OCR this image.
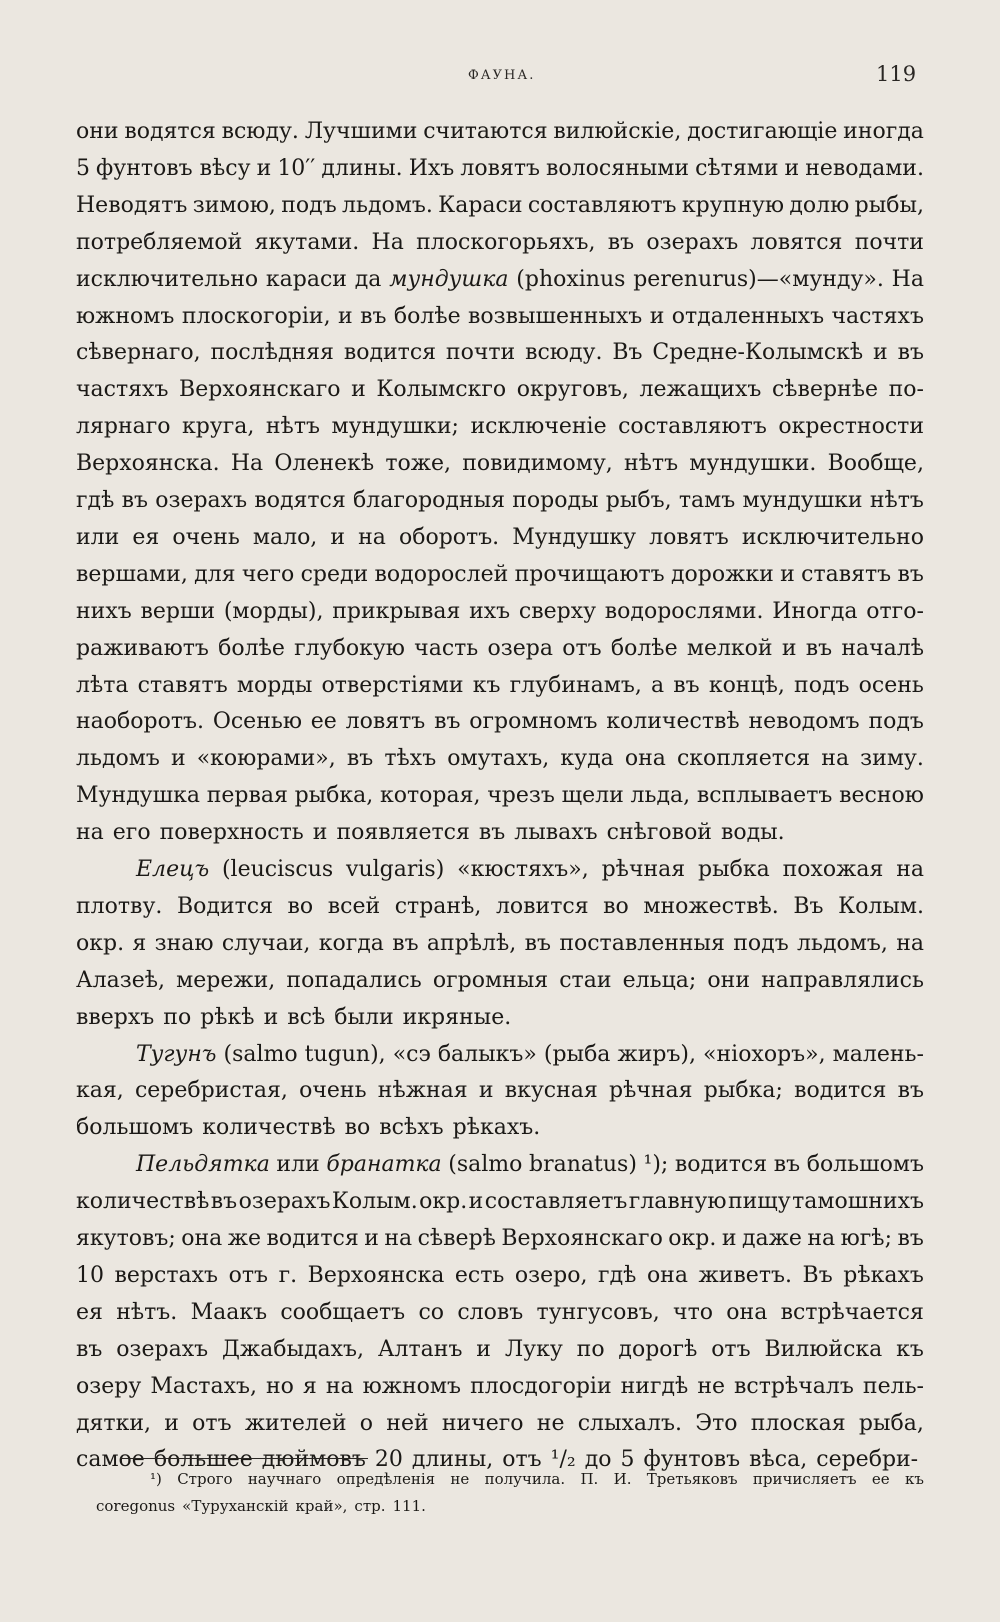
ФАУНА.	119
они водятся всюду. Лучшими считаются вилюйскіе, достигающіе иногда
5 фунтовъ вѣсу и 10′′ длины. Ихъ ловятъ волосяными сѣтями и неводами.
Неводятъ зимою, подъ льдомъ. Караси составляютъ крупную долю рыбы,
потребляемой якутами. На плоскогорьяхъ, въ озерахъ ловятся почти
исключительно караси да мундушка (phoxinus perenurus)—«мунду». На
южномъ плоскогоріи, и въ болѣе возвышенныхъ и отдаленныхъ частяхъ
сѣвернаго, послѣдняя водится почти всюду. Въ Средне-Колымскѣ и въ
частяхъ Верхоянскаго и Колымскго округовъ, лежащихъ сѣвернѣе по-
лярнаго круга, нѣтъ мундушки; исключеніе составляютъ окрестности
Верхоянска. На Оленекѣ тоже, повидимому, нѣтъ мундушки. Вообще,
гдѣ въ озерахъ водятся благородныя породы рыбъ, тамъ мундушки нѣтъ
или ея очень мало, и на оборотъ. Мундушку ловятъ исключительно
вершами, для чего среди водорослей прочищаютъ дорожки и ставятъ въ
нихъ верши (морды), прикрывая ихъ сверху водорослями. Иногда отго-
раживаютъ болѣе глубокую часть озера отъ болѣе мелкой и въ началѣ
лѣта ставятъ морды отверстіями къ глубинамъ, а въ концѣ, подъ осень
наоборотъ. Осенью ее ловятъ въ огромномъ количествѣ неводомъ подъ
льдомъ и «коюрами», въ тѣхъ омутахъ, куда она скопляется на зиму.
Мундушка первая рыбка, которая, чрезъ щели льда, всплываетъ весною
на его поверхность и появляется въ лывахъ снѣговой воды.
Елецъ (leuciscus vulgaris) «кюстяхъ», рѣчная рыбка похожая на
плотву. Водится во всей странѣ, ловится во множествѣ. Въ Колым.
окр. я знаю случаи, когда въ апрѣлѣ, въ поставленныя подъ льдомъ, на
Алазеѣ, мережи, попадались огромныя стаи ельца; они направлялись
вверхъ по рѣкѣ и всѣ были икряные.
Тугунъ (salmo tugun), «сэ балыкъ» (рыба жиръ), «ніохоръ», малень-
кая, серебристая, очень нѣжная и вкусная рѣчная рыбка; водится въ
большомъ количествѣ во всѣхъ рѣкахъ.
Пельдятка или бранатка (salmo branatus) ¹); водится въ большомъ
количествѣ въ озерахъ Колым. окр. и составляетъ главную пищу тамошнихъ
якутовъ; она же водится и на сѣверѣ Верхоянскаго окр. и даже на югѣ; въ
10 верстахъ отъ г. Верхоянска есть озеро, гдѣ она живетъ. Въ рѣкахъ
ея нѣтъ. Маакъ сообщаетъ со словъ тунгусовъ, что она встрѣчается
въ озерахъ Джабыдахъ, Алтанъ и Луку по дорогѣ отъ Вилюйска къ
озеру Мастахъ, но я на южномъ плосдогоріи нигдѣ не встрѣчалъ пель-
дятки, и отъ жителей о ней ничего не слыхалъ. Это плоская рыба,
самое большее дюймовъ 20 длины, отъ ¹/₂ до 5 фунтовъ вѣса, серебри-
¹) Строго научнаго опредѣленія не получила. П. И. Третьяковъ причисляетъ ее къ
coregonus «Туруханскій край», стр. 111.
